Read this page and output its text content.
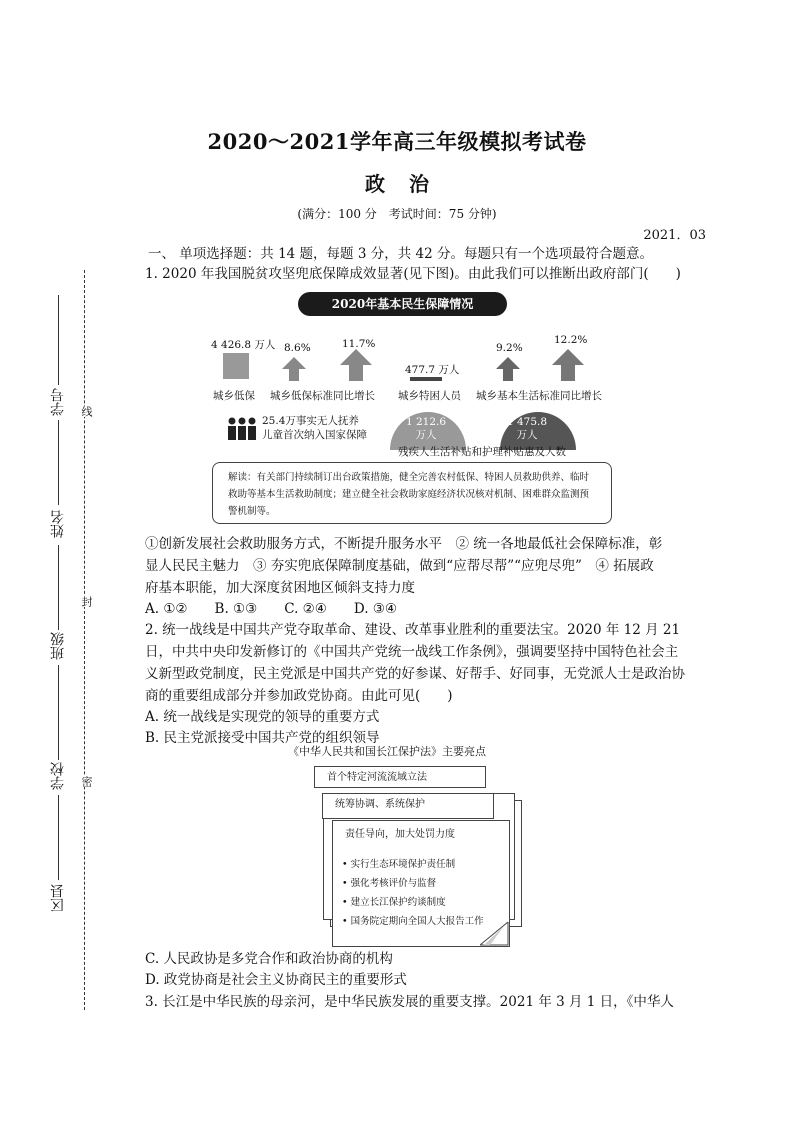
2020～2021学年高三年级模拟考试卷
政治
(满分：100 分　考试时间：75 分钟)
2021．03
学号
姓名
班级
学校
区县
线
封
密
一、 单项选择题：共 14 题，每题 3 分，共 42 分。每题只有一个选项最符合题意。
1. 2020 年我国脱贫攻坚兜底保障成效显著(见下图)。由此我们可以推断出政府部门(　　)
2020年基本民生保障情况
4 426.8 万人 8.6%	11.7%
477.7 万人
9.2%
12.2%
城乡低保 城乡低保标准同比增长 城乡特困人员 城乡基本生活标准同比增长
25.4万事实无人抚养
儿童首次纳入国家保障
1 212.6
万人
1 475.8
万人
残疾人生活补贴和护理补贴惠及人数
解读：有关部门持续制订出台政策措施，健全完善农村低保、特困人员救助供养、临时救助等基本生活救助制度；建立健全社会救助家庭经济状况核对机制、困难群众监测预警机制等。
①创新发展社会救助服务方式，不断提升服务水平　② 统一各地最低社会保障标准，彰
显人民民主魅力　③ 夯实兜底保障制度基础，做到“应帮尽帮”“应兜尽兜”　④ 拓展政
府基本职能，加大深度贫困地区倾斜支持力度
A. ①②　　B. ①③　　C. ②④　　D. ③④
2. 统一战线是中国共产党夺取革命、建设、改革事业胜利的重要法宝。2020 年 12 月 21
日，中共中央印发新修订的《中国共产党统一战线工作条例》，强调要坚持中国特色社会主
义新型政党制度，民主党派是中国共产党的好参谋、好帮手、好同事，无党派人士是政治协
商的重要组成部分并参加政党协商。由此可见(　　)
A. 统一战线是实现党的领导的重要方式
B. 民主党派接受中国共产党的组织领导
《中华人民共和国长江保护法》主要亮点
首个特定河流流域立法
统筹协调、系统保护
责任导向，加大处罚力度
• 实行生态环境保护责任制
• 强化考核评价与监督
• 建立长江保护约谈制度
• 国务院定期向全国人大报告工作
C. 人民政协是多党合作和政治协商的机构
D. 政党协商是社会主义协商民主的重要形式
3. 长江是中华民族的母亲河，是中华民族发展的重要支撑。2021 年 3 月 1 日，《中华人
